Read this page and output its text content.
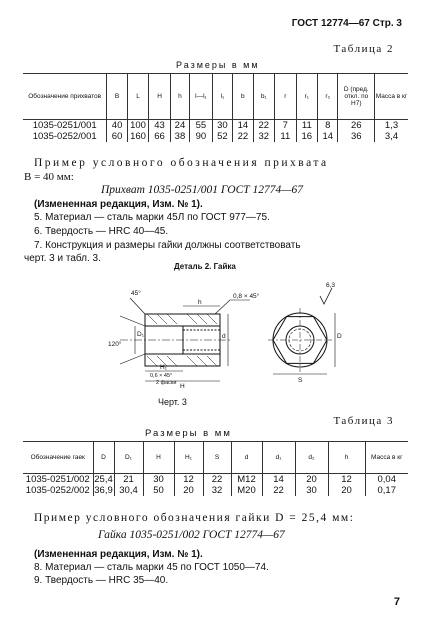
ГОСТ 12774—67 Стр. 3
Таблица 2
Размеры в мм
Обозначение прихватов	B	L	H	h	l—l₁	l₁	b	b₁	r	r₁	r₂	D (пред. откл. по H7)	Масса в кг
1035-0251/001	40	100	43	24	55	30	14	22	7	11	8	26	1,3
1035-0252/001	60	160	66	38	90	52	22	32	11	16	14	36	3,4
Пример условного обозначения прихвата
B = 40 мм:
Прихват 1035-0251/001 ГОСТ 12774—67
(Измененная редакция, Изм. № 1).
5. Материал — сталь марки 45Л по ГОСТ 977—75.
6. Твердость — HRC 40—45.
7. Конструкция и размеры гайки должны соответствовать
черт. 3 и табл. 3.
Деталь 2. Гайка
45°	0,8 × 45°
6,3
h
H₁
H
D₁	d	D
S
120°
0,6 × 45°
2 фаски
Черт. 3
Таблица 3
Размеры в мм
Обозначение гаек	D	D₁	H	H₁	S	d	d₁	d₂	h	Масса в кг
1035-0251/002	25,4	21	30	12	22	M12	14	20	12	0,04
1035-0252/002	36,9	30,4	50	20	32	M20	22	30	20	0,17
Пример условного обозначения гайки D = 25,4 мм:
Гайка 1035-0251/002 ГОСТ 12774—67
(Измененная редакция, Изм. № 1).
8. Материал — сталь марки 45 по ГОСТ 1050—74.
9. Твердость — HRC 35—40.
7
